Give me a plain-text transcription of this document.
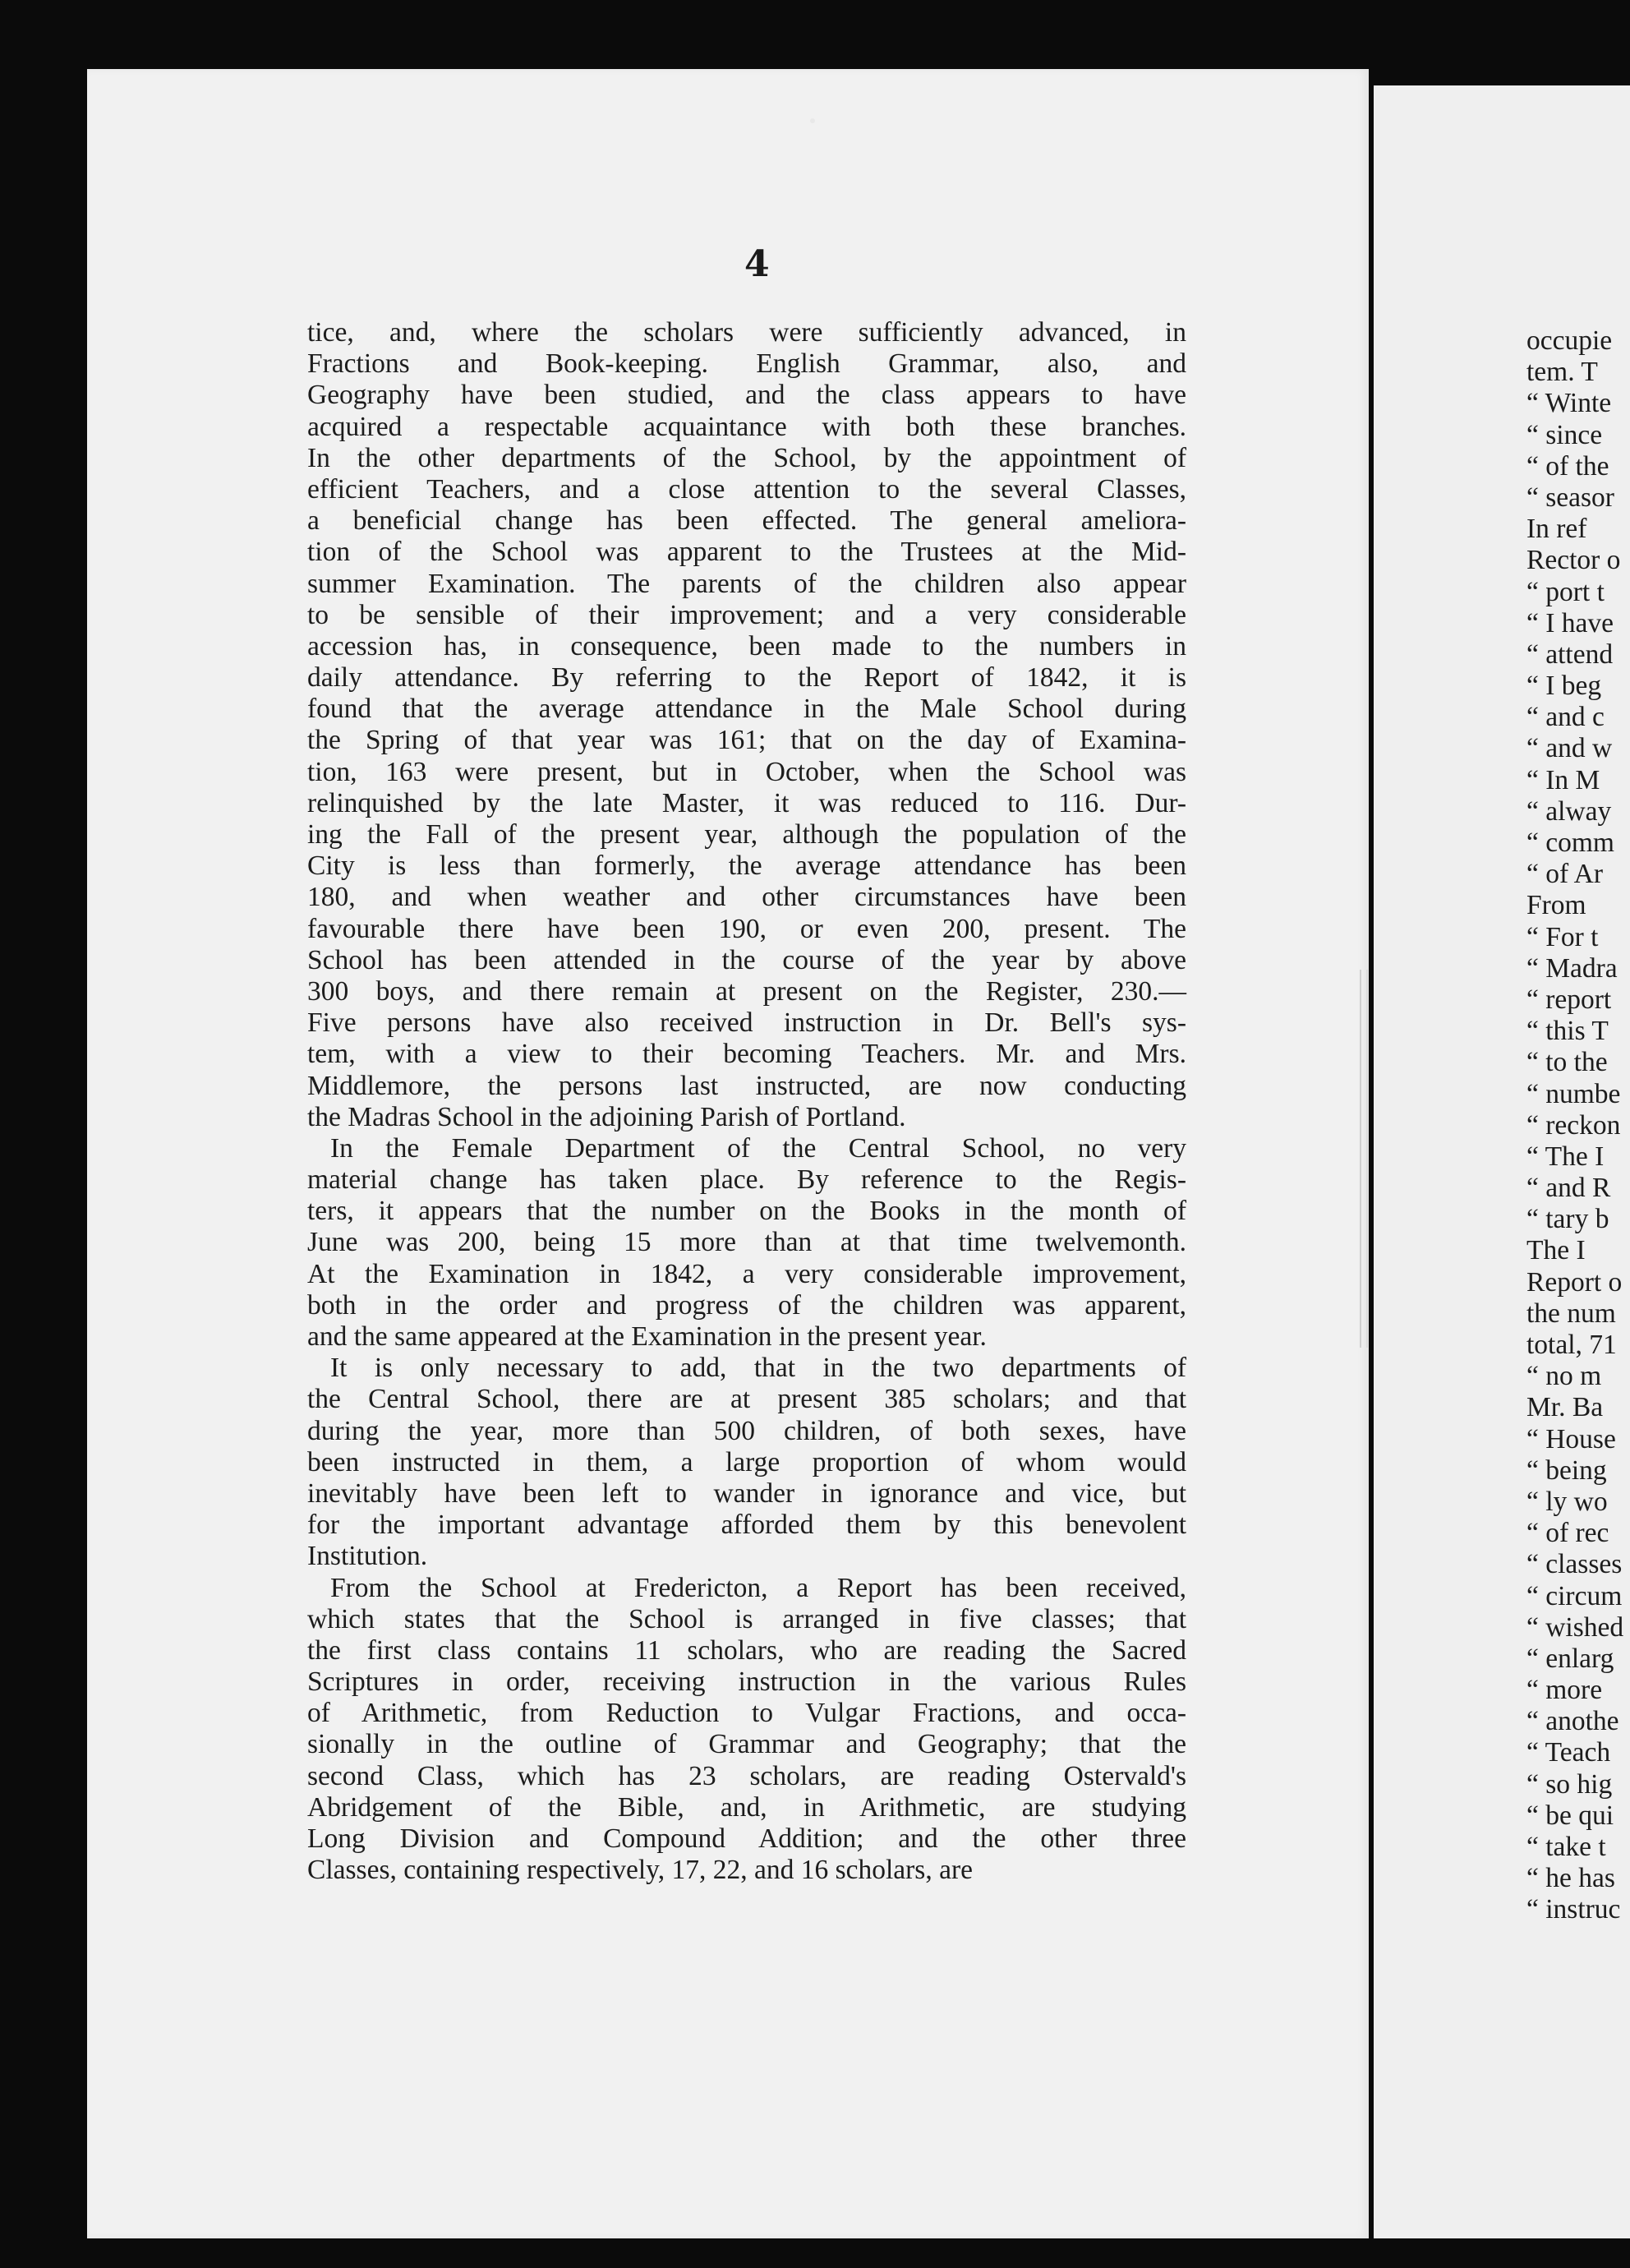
4
tice, and, where the scholars were sufficiently advanced, in
Fractions and Book-keeping. English Grammar, also, and
Geography have been studied, and the class appears to have
acquired a respectable acquaintance with both these branches.
In the other departments of the School, by the appointment of
efficient Teachers, and a close attention to the several Classes,
a beneficial change has been effected. The general ameliora-
tion of the School was apparent to the Trustees at the Mid-
summer Examination. The parents of the children also appear
to be sensible of their improvement; and a very considerable
accession has, in consequence, been made to the numbers in
daily attendance. By referring to the Report of 1842, it is
found that the average attendance in the Male School during
the Spring of that year was 161; that on the day of Examina-
tion, 163 were present, but in October, when the School was
relinquished by the late Master, it was reduced to 116. Dur-
ing the Fall of the present year, although the population of the
City is less than formerly, the average attendance has been
180, and when weather and other circumstances have been
favourable there have been 190, or even 200, present. The
School has been attended in the course of the year by above
300 boys, and there remain at present on the Register, 230.—
Five persons have also received instruction in Dr. Bell's sys-
tem, with a view to their becoming Teachers. Mr. and Mrs.
Middlemore, the persons last instructed, are now conducting
the Madras School in the adjoining Parish of Portland.
In the Female Department of the Central School, no very
material change has taken place. By reference to the Regis-
ters, it appears that the number on the Books in the month of
June was 200, being 15 more than at that time twelvemonth.
At the Examination in 1842, a very considerable improvement,
both in the order and progress of the children was apparent,
and the same appeared at the Examination in the present year.
It is only necessary to add, that in the two departments of
the Central School, there are at present 385 scholars; and that
during the year, more than 500 children, of both sexes, have
been instructed in them, a large proportion of whom would
inevitably have been left to wander in ignorance and vice, but
for the important advantage afforded them by this benevolent
Institution.
From the School at Fredericton, a Report has been received,
which states that the School is arranged in five classes; that
the first class contains 11 scholars, who are reading the Sacred
Scriptures in order, receiving instruction in the various Rules
of Arithmetic, from Reduction to Vulgar Fractions, and occa-
sionally in the outline of Grammar and Geography; that the
second Class, which has 23 scholars, are reading Ostervald's
Abridgement of the Bible, and, in Arithmetic, are studying
Long Division and Compound Addition; and the other three
Classes, containing respectively, 17, 22, and 16 scholars, are
occupie
tem. T
“ Winte
“ since
“ of the
“ seasor
In ref
Rector o
“ port t
“ I have
“ attend
“ I beg
“ and c
“ and w
“ In M
“ alway
“ comm
“ of Ar
From
“ For t
“ Madra
“ report
“ this T
“ to the
“ numbe
“ reckon
“ The I
“ and R
“ tary b
The I
Report o
the num
total, 71
“ no m
Mr. Ba
“ House
“ being
“ ly wo
“ of rec
“ classes
“ circum
“ wished
“ enlarg
“ more
“ anothe
“ Teach
“ so hig
“ be qui
“ take t
“ he has
“ instruc
